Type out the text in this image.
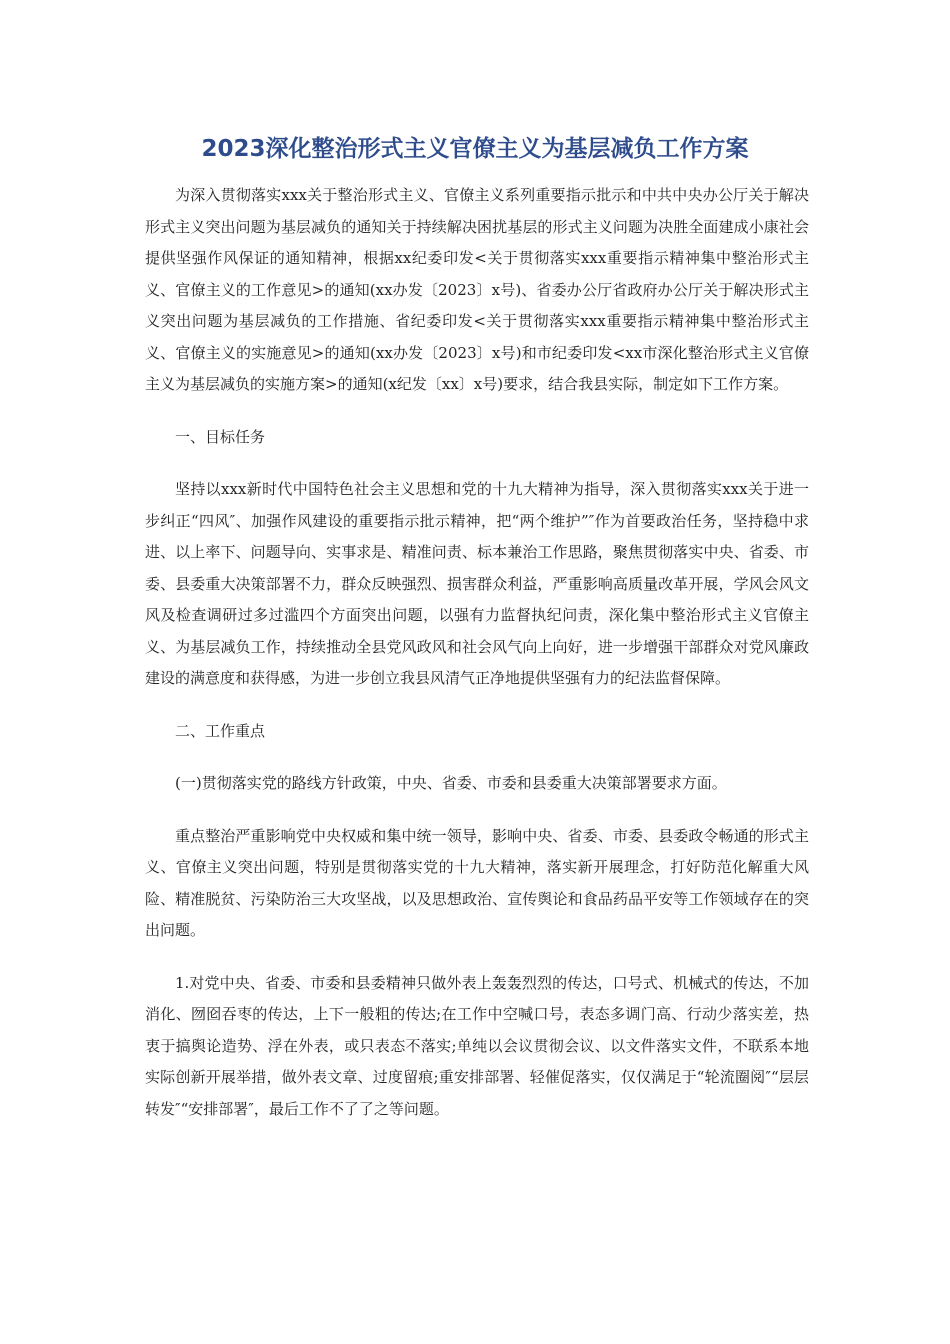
2023深化整治形式主义官僚主义为基层减负工作方案

为深入贯彻落实xxx关于整治形式主义、官僚主义系列重要指示批示和中共中央办公厅关于解决形式主义突出问题为基层减负的通知关于持续解决困扰基层的形式主义问题为决胜全面建成小康社会提供坚强作风保证的通知精神，根据xx纪委印发<关于贯彻落实xxx重要指示精神集中整治形式主义、官僚主义的工作意见>的通知(xx办发〔2023〕x号)、省委办公厅省政府办公厅关于解决形式主义突出问题为基层减负的工作措施、省纪委印发<关于贯彻落实xxx重要指示精神集中整治形式主义、官僚主义的实施意见>的通知(xx办发〔2023〕x号)和市纪委印发<xx市深化整治形式主义官僚主义为基层减负的实施方案>的通知(x纪发〔xx〕x号)要求，结合我县实际，制定如下工作方案。

一、目标任务

坚持以xxx新时代中国特色社会主义思想和党的十九大精神为指导，深入贯彻落实xxx关于进一步纠正“四风″、加强作风建设的重要指示批示精神，把“两个维护”″作为首要政治任务，坚持稳中求进、以上率下、问题导向、实事求是、精准问责、标本兼治工作思路，聚焦贯彻落实中央、省委、市委、县委重大决策部署不力，群众反映强烈、损害群众利益，严重影响高质量改革开展，学风会风文风及检查调研过多过滥四个方面突出问题，以强有力监督执纪问责，深化集中整治形式主义官僚主义、为基层减负工作，持续推动全县党风政风和社会风气向上向好，进一步增强干部群众对党风廉政建设的满意度和获得感，为进一步创立我县风清气正净地提供坚强有力的纪法监督保障。

二、工作重点

(一)贯彻落实党的路线方针政策，中央、省委、市委和县委重大决策部署要求方面。

重点整治严重影响党中央权威和集中统一领导，影响中央、省委、市委、县委政令畅通的形式主义、官僚主义突出问题，特别是贯彻落实党的十九大精神，落实新开展理念，打好防范化解重大风险、精准脱贫、污染防治三大攻坚战，以及思想政治、宣传舆论和食品药品平安等工作领域存在的突出问题。

1.对党中央、省委、市委和县委精神只做外表上轰轰烈烈的传达，口号式、机械式的传达，不加消化、囫囵吞枣的传达，上下一般粗的传达;在工作中空喊口号，表态多调门高、行动少落实差，热衷于搞舆论造势、浮在外表，或只表态不落实;单纯以会议贯彻会议、以文件落实文件，不联系本地实际创新开展举措，做外表文章、过度留痕;重安排部署、轻催促落实，仅仅满足于“轮流圈阅″“层层转发″“安排部署″，最后工作不了了之等问题。
